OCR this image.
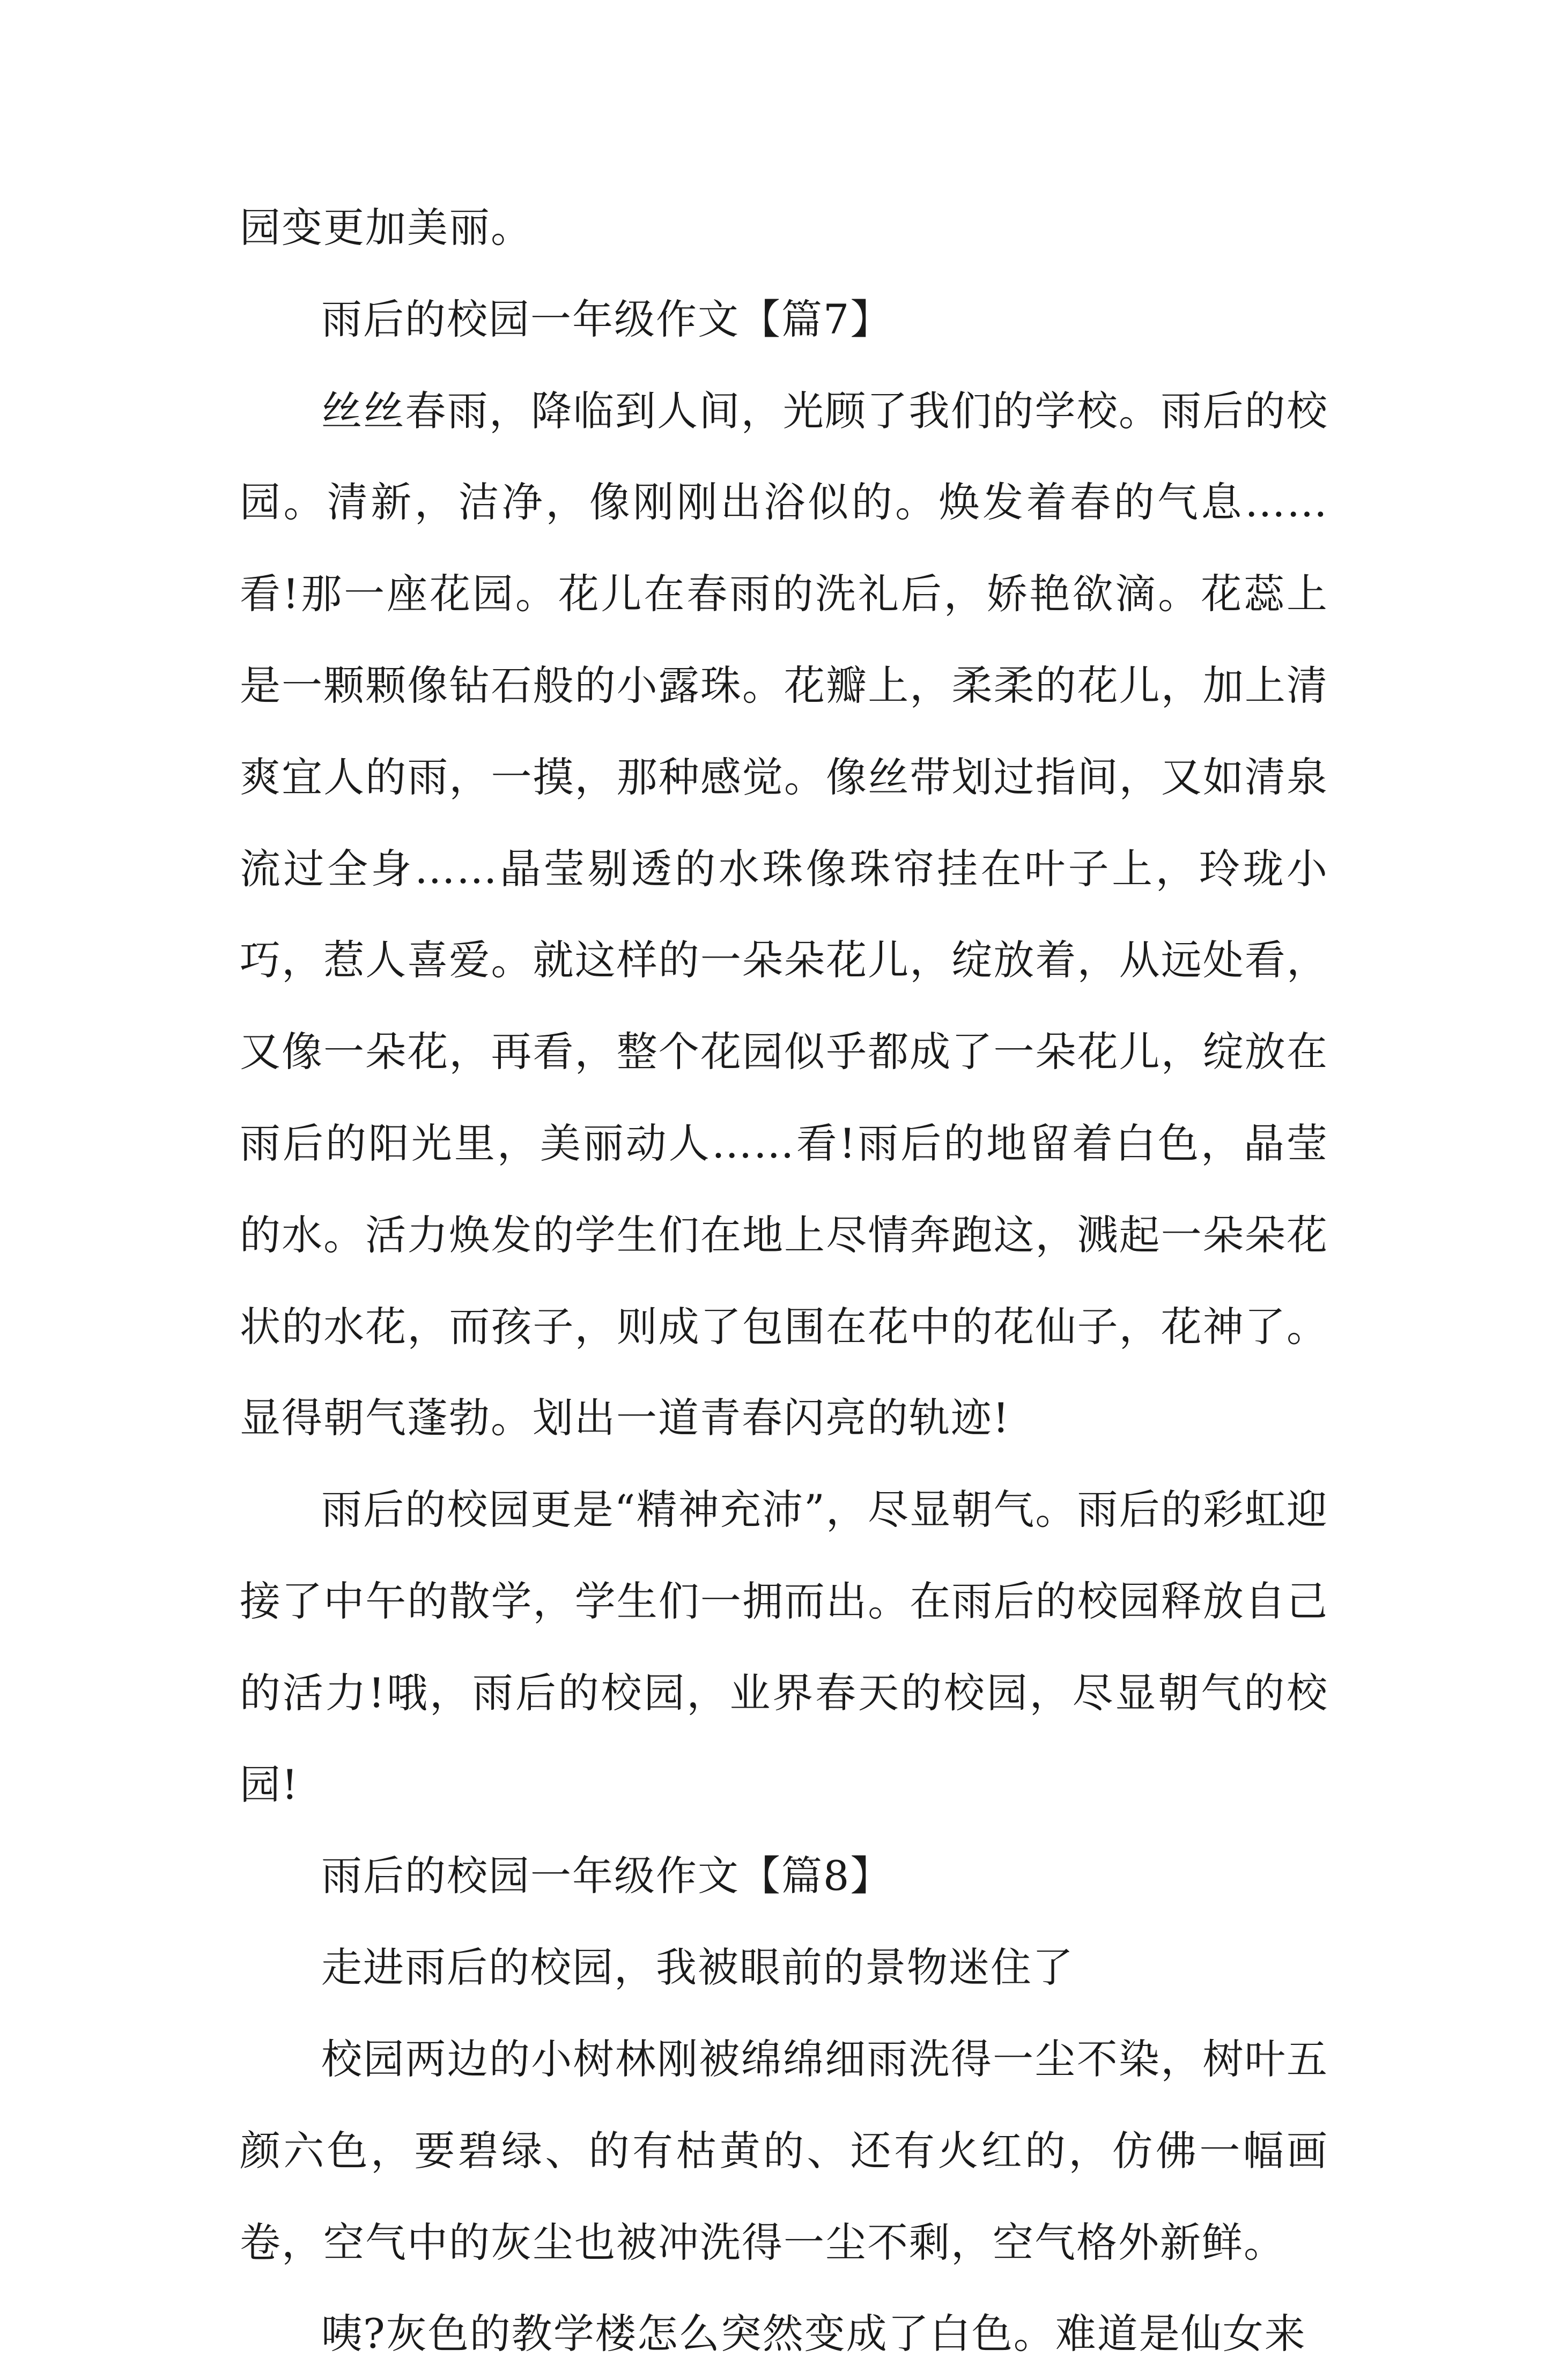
园变更加美丽。

雨后的校园一年级作文【篇7】

丝丝春雨，降临到人间，光顾了我们的学校。雨后的校园。清新，洁净，像刚刚出浴似的。焕发着春的气息……看!那一座花园。花儿在春雨的洗礼后，娇艳欲滴。花蕊上是一颗颗像钻石般的小露珠。花瓣上，柔柔的花儿，加上清爽宜人的雨，一摸，那种感觉。像丝带划过指间，又如清泉流过全身……晶莹剔透的水珠像珠帘挂在叶子上，玲珑小巧，惹人喜爱。就这样的一朵朵花儿，绽放着，从远处看，又像一朵花，再看，整个花园似乎都成了一朵花儿，绽放在雨后的阳光里，美丽动人……看!雨后的地留着白色，晶莹的水。活力焕发的学生们在地上尽情奔跑这，溅起一朵朵花状的水花，而孩子，则成了包围在花中的花仙子，花神了。显得朝气蓬勃。划出一道青春闪亮的轨迹!

雨后的校园更是“精神充沛”，尽显朝气。雨后的彩虹迎接了中午的散学，学生们一拥而出。在雨后的校园释放自己的活力!哦，雨后的校园，业界春天的校园，尽显朝气的校园!

雨后的校园一年级作文【篇8】

走进雨后的校园，我被眼前的景物迷住了

校园两边的小树林刚被绵绵细雨洗得一尘不染，树叶五颜六色，要碧绿、的有枯黄的、还有火红的，仿佛一幅画卷，空气中的灰尘也被冲洗得一尘不剩，空气格外新鲜。

咦?灰色的教学楼怎么突然变成了白色。难道是仙女来
